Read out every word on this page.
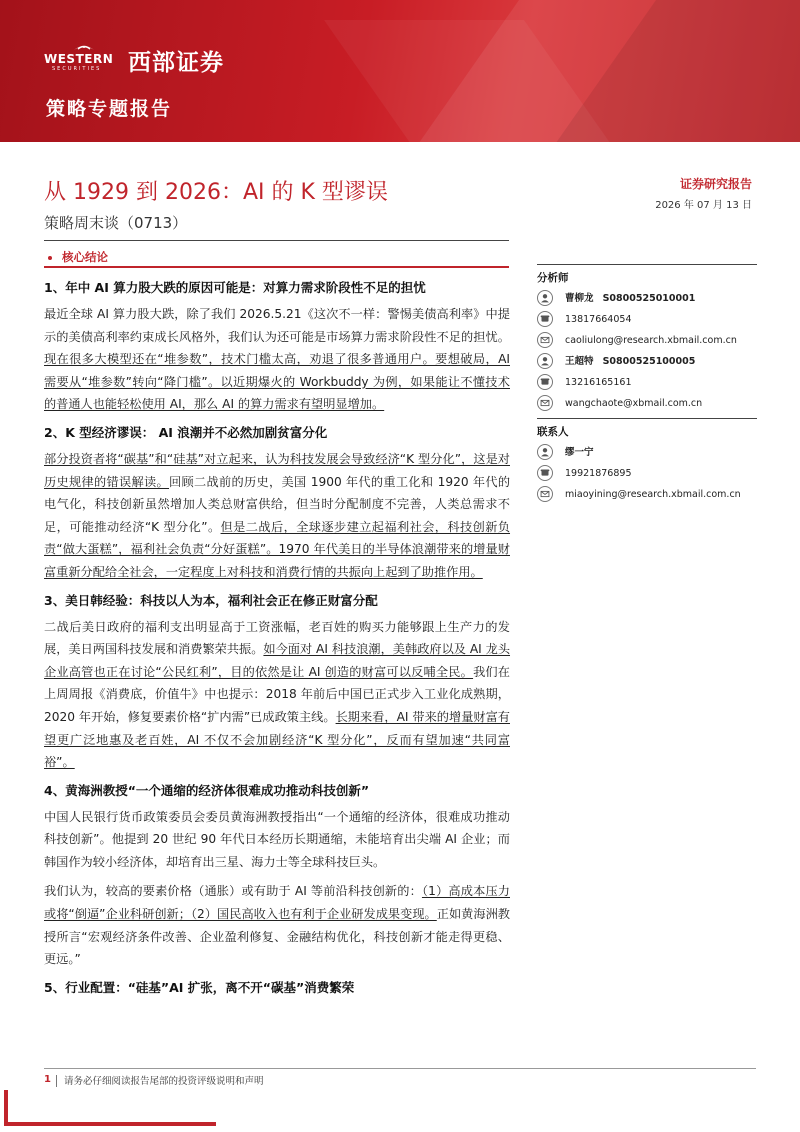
WESTERN
SECURITIES 西部证券
策略专题报告
从 1929 到 2026：AI 的 K 型谬误
策略周末谈（0713）
证券研究报告
2026 年 07 月 13 日
核心结论
1、年中 AI 算力股大跌的原因可能是：对算力需求阶段性不足的担忧

最近全球 AI 算力股大跌，除了我们 2026.5.21《这次不一样：警惕美债高利率》中提示的美债高利率约束成长风格外，我们认为还可能是市场算力需求阶段性不足的担忧。现在很多大模型还在“堆参数”，技术门槛太高，劝退了很多普通用户。要想破局，AI 需要从“堆参数”转向“降门槛”。以近期爆火的 Workbuddy 为例，如果能让不懂技术的普通人也能轻松使用 AI，那么 AI 的算力需求有望明显增加。

2、K 型经济谬误： AI 浪潮并不必然加剧贫富分化

部分投资者将“碳基”和“硅基”对立起来，认为科技发展会导致经济“K 型分化”，这是对历史规律的错误解读。回顾二战前的历史，美国 1900 年代的重工化和 1920 年代的电气化，科技创新虽然增加人类总财富供给，但当时分配制度不完善，人类总需求不足，可能推动经济“K 型分化”。但是二战后，全球逐步建立起福利社会，科技创新负责“做大蛋糕”，福利社会负责“分好蛋糕”。1970 年代美日的半导体浪潮带来的增量财富重新分配给全社会，一定程度上对科技和消费行情的共振向上起到了助推作用。

3、美日韩经验：科技以人为本，福利社会正在修正财富分配

二战后美日政府的福利支出明显高于工资涨幅，老百姓的购买力能够跟上生产力的发展，美日两国科技发展和消费繁荣共振。如今面对 AI 科技浪潮，美韩政府以及 AI 龙头企业高管也正在讨论“公民红利”，目的依然是让 AI 创造的财富可以反哺全民。我们在上周周报《消费底，价值牛》中也提示：2018 年前后中国已正式步入工业化成熟期，2020 年开始，修复要素价格“扩内需”已成政策主线。长期来看，AI 带来的增量财富有望更广泛地惠及老百姓，AI 不仅不会加剧经济“K 型分化”，反而有望加速“共同富裕”。

4、黄海洲教授“一个通缩的经济体很难成功推动科技创新”

中国人民银行货币政策委员会委员黄海洲教授指出“一个通缩的经济体，很难成功推动科技创新”。他提到 20 世纪 90 年代日本经历长期通缩，未能培育出尖端 AI 企业；而韩国作为较小经济体，却培育出三星、海力士等全球科技巨头。

我们认为，较高的要素价格（通胀）或有助于 AI 等前沿科技创新的：（1）高成本压力或将“倒逼”企业科研创新；（2）国民高收入也有利于企业研发成果变现。正如黄海洲教授所言“宏观经济条件改善、企业盈利修复、金融结构优化，科技创新才能走得更稳、更远。”

5、行业配置：“硅基”AI 扩张，离不开“碳基”消费繁荣
分析师
曹柳龙 S0800525010001
13817664054
caoliulong@research.xbmail.com.cn
王超特 S0800525100005
13216165161
wangchaote@xbmail.com.cn
联系人
缪一宁
19921876895
miaoyining@research.xbmail.com.cn
1 请务必仔细阅读报告尾部的投资评级说明和声明
